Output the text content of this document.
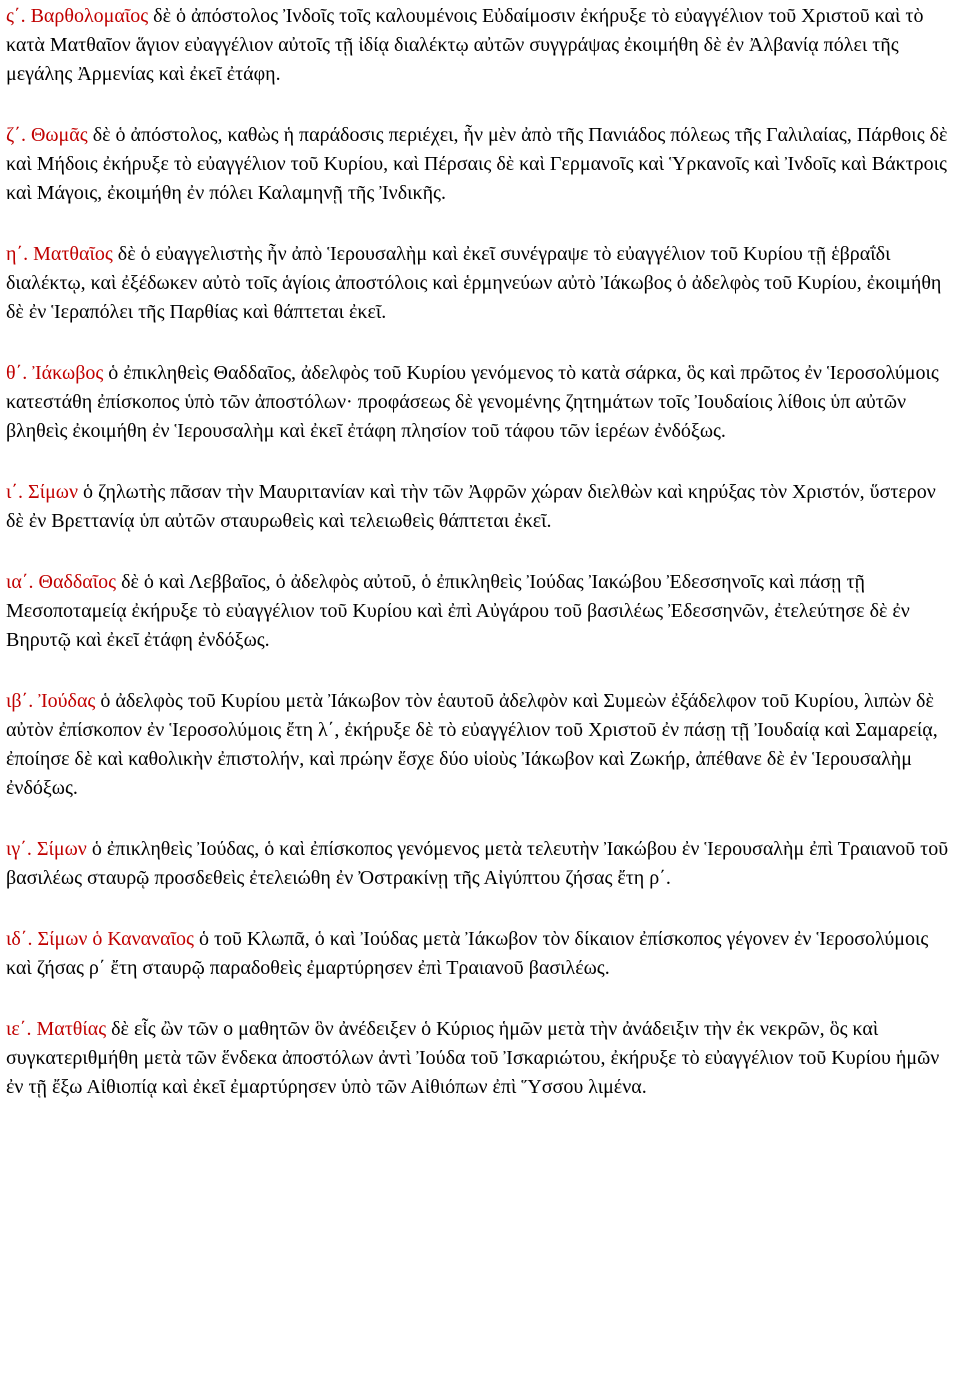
ς΄. Βαρθολομαῖος δὲ ὁ ἀπόστολος Ἰνδοῖς τοῖς καλουμένοις Εὐδαίμοσιν ἐκήρυξε τὸ εὐαγγέλιον τοῦ Χριστοῦ καὶ τὸ κατὰ Ματθαῖον ἅγιον εὐαγγέλιον αὐτοῖς τῇ ἰδίᾳ διαλέκτῳ αὐτῶν συγγράψας ἐκοιμήθη δὲ ἐν Ἀλβανίᾳ πόλει τῆς μεγάλης Ἀρμενίας καὶ ἐκεῖ ἐτάφη.

ζ΄. Θωμᾶς δὲ ὁ ἀπόστολος, καθὼς ἡ παράδοσις περιέχει, ἦν μὲν ἀπὸ τῆς Πανιάδος πόλεως τῆς Γαλιλαίας, Πάρθοις δὲ καὶ Μήδοις ἐκήρυξε τὸ εὐαγγέλιον τοῦ Κυρίου, καὶ Πέρσαις δὲ καὶ Γερμανοῖς καὶ Ὑρκανοῖς καὶ Ἰνδοῖς καὶ Βάκτροις καὶ Μάγοις, ἐκοιμήθη ἐν πόλει Καλαμηνῇ τῆς Ἰνδικῆς.

η΄. Ματθαῖος δὲ ὁ εὐαγγελιστὴς ἦν ἀπὸ Ἱερουσαλὴμ καὶ ἐκεῖ συνέγραψε τὸ εὐαγγέλιον τοῦ Κυρίου τῇ ἑβραΐδι διαλέκτῳ, καὶ ἐξέδωκεν αὐτὸ τοῖς ἁγίοις ἀποστόλοις καὶ ἑρμηνεύων αὐτὸ Ἰάκωβος ὁ ἀδελφὸς τοῦ Κυρίου, ἐκοιμήθη δὲ ἐν Ἱεραπόλει τῆς Παρθίας καὶ θάπτεται ἐκεῖ.

θ΄. Ἰάκωβος ὁ ἐπικληθεὶς Θαδδαῖος, ἀδελφὸς τοῦ Κυρίου γενόμενος τὸ κατὰ σάρκα, ὃς καὶ πρῶτος ἐν Ἱεροσολύμοις κατεστάθη ἐπίσκοπος ὑπὸ τῶν ἀποστόλων· προφάσεως δὲ γενομένης ζητημάτων τοῖς Ἰουδαίοις λίθοις ὑπ αὐτῶν βληθεὶς ἐκοιμήθη ἐν Ἱερουσαλὴμ καὶ ἐκεῖ ἐτάφη πλησίον τοῦ τάφου τῶν ἱερέων ἐνδόξως.

ι΄. Σίμων ὁ ζηλωτὴς πᾶσαν τὴν Μαυριτανίαν καὶ τὴν τῶν Ἀφρῶν χώραν διελθὼν καὶ κηρύξας τὸν Χριστόν, ὕστερον δὲ ἐν Βρεττανίᾳ ὑπ αὐτῶν σταυρωθεὶς καὶ τελειωθεὶς θάπτεται ἐκεῖ.

ια΄. Θαδδαῖος δὲ ὁ καὶ Λεββαῖος, ὁ ἀδελφὸς αὐτοῦ, ὁ ἐπικληθεὶς Ἰούδας Ἰακώβου Ἐδεσσηνοῖς καὶ πάσῃ τῇ Μεσοποταμείᾳ ἐκήρυξε τὸ εὐαγγέλιον τοῦ Κυρίου καὶ ἐπὶ Αὐγάρου τοῦ βασιλέως Ἐδεσσηνῶν, ἐτελεύτησε δὲ ἐν Βηρυτῷ καὶ ἐκεῖ ἐτάφη ἐνδόξως.

ιβ΄. Ἰούδας ὁ ἀδελφὸς τοῦ Κυρίου μετὰ Ἰάκωβον τὸν ἑαυτοῦ ἀδελφὸν καὶ Συμεὼν ἐξάδελφον τοῦ Κυρίου, λιπὼν δὲ αὐτὸν ἐπίσκοπον ἐν Ἱεροσολύμοις ἔτη λ΄, ἐκήρυξε δὲ τὸ εὐαγγέλιον τοῦ Χριστοῦ ἐν πάσῃ τῇ Ἰουδαίᾳ καὶ Σαμαρείᾳ, ἐποίησε δὲ καὶ καθολικὴν ἐπιστολήν, καὶ πρώην ἔσχε δύο υἱοὺς Ἰάκωβον καὶ Ζωκήρ, ἀπέθανε δὲ ἐν Ἱερουσαλὴμ ἐνδόξως.

ιγ΄. Σίμων ὁ ἐπικληθεὶς Ἰούδας, ὁ καὶ ἐπίσκοπος γενόμενος μετὰ τελευτὴν Ἰακώβου ἐν Ἱερουσαλὴμ ἐπὶ Τραιανοῦ τοῦ βασιλέως σταυρῷ προσδεθεὶς ἐτελειώθη ἐν Ὀστρακίνῃ τῆς Αἰγύπτου ζήσας ἔτη ρ΄.

ιδ΄. Σίμων ὁ Καναναῖος ὁ τοῦ Κλωπᾶ, ὁ καὶ Ἰούδας μετὰ Ἰάκωβον τὸν δίκαιον ἐπίσκοπος γέγονεν ἐν Ἱεροσολύμοις καὶ ζήσας ρ΄ ἔτη σταυρῷ παραδοθεὶς ἐμαρτύρησεν ἐπὶ Τραιανοῦ βασιλέως.

ιε΄. Ματθίας δὲ εἷς ὢν τῶν ο μαθητῶν ὃν ἀνέδειξεν ὁ Κύριος ἡμῶν μετὰ τὴν ἀνάδειξιν τὴν ἐκ νεκρῶν, ὃς καὶ συγκατεριθμήθη μετὰ τῶν ἕνδεκα ἀποστόλων ἀντὶ Ἰούδα τοῦ Ἰσκαριώτου, ἐκήρυξε τὸ εὐαγγέλιον τοῦ Κυρίου ἡμῶν ἐν τῇ ἔξω Αἰθιοπίᾳ καὶ ἐκεῖ ἐμαρτύρησεν ὑπὸ τῶν Αἰθιόπων ἐπὶ Ὕσσου λιμένα.
